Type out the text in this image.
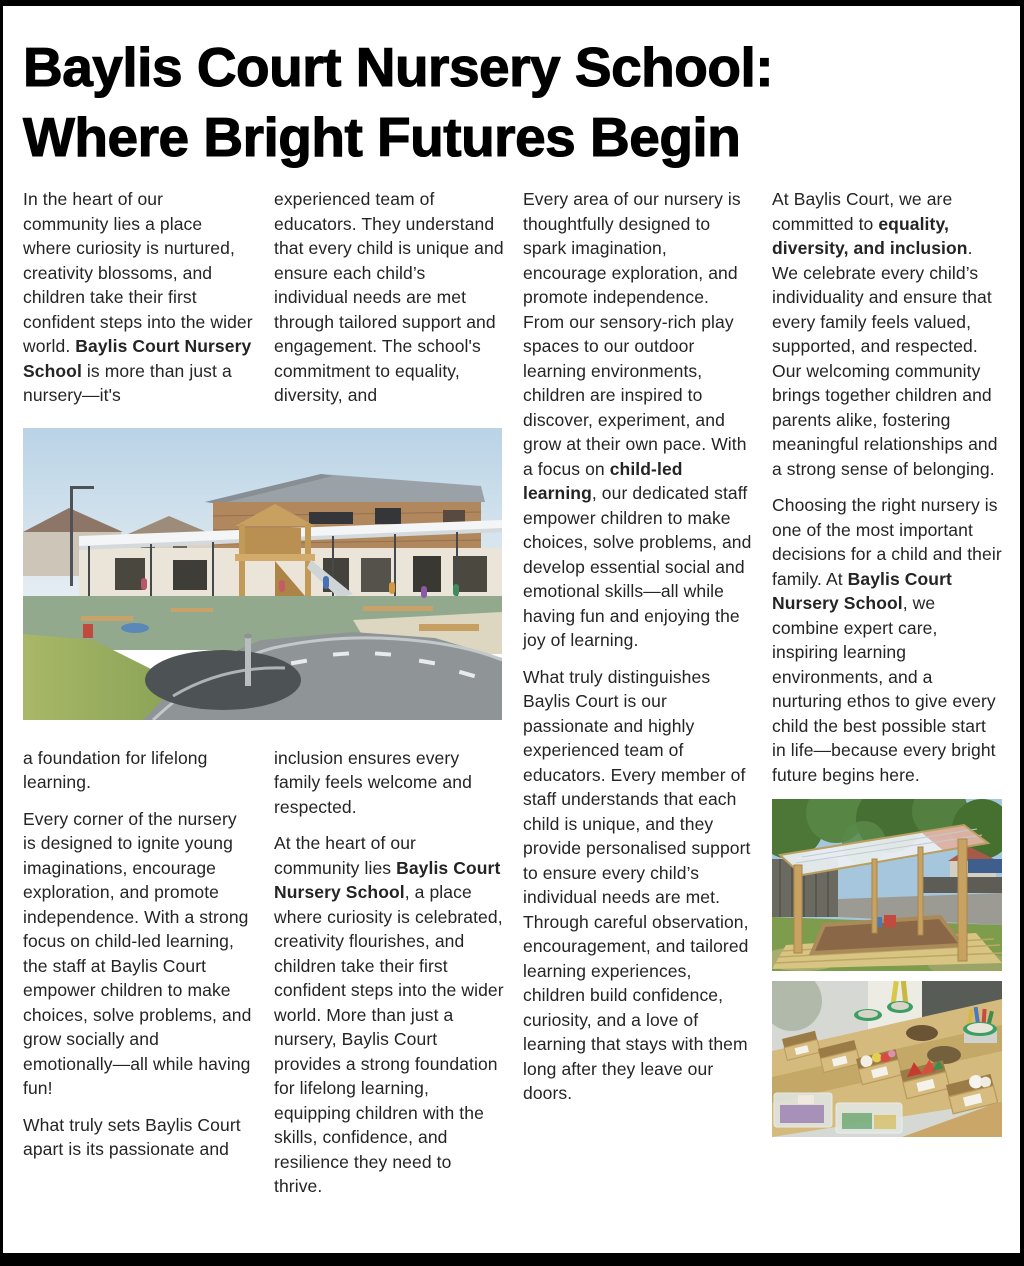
Baylis Court Nursery School:
Where Bright Futures Begin

In the heart of our community lies a place where curiosity is nurtured, creativity blossoms, and children take their first confident steps into the wider world. Baylis Court Nursery School is more than just a nursery—it's

experienced team of educators. They understand that every child is unique and ensure each child’s individual needs are met through tailored support and engagement. The school's commitment to equality, diversity, and

a foundation for lifelong learning.

Every corner of the nursery is designed to ignite young imaginations, encourage exploration, and promote independence. With a strong focus on child-led learning, the staff at Baylis Court empower children to make choices, solve problems, and grow socially and emotionally—all while having fun!

What truly sets Baylis Court apart is its passionate and

inclusion ensures every family feels welcome and respected.

At the heart of our community lies Baylis Court Nursery School, a place where curiosity is celebrated, creativity flourishes, and children take their first confident steps into the wider world. More than just a nursery, Baylis Court provides a strong foundation for lifelong learning, equipping children with the skills, confidence, and resilience they need to thrive.

Every area of our nursery is thoughtfully designed to spark imagination, encourage exploration, and promote independence. From our sensory-rich play spaces to our outdoor learning environments, children are inspired to discover, experiment, and grow at their own pace. With a focus on child-led learning, our dedicated staff empower children to make choices, solve problems, and develop essential social and emotional skills—all while having fun and enjoying the joy of learning.

What truly distinguishes Baylis Court is our passionate and highly experienced team of educators. Every member of staff understands that each child is unique, and they provide personalised support to ensure every child’s individual needs are met. Through careful observation, encouragement, and tailored learning experiences, children build confidence, curiosity, and a love of learning that stays with them long after they leave our doors.

At Baylis Court, we are committed to equality, diversity, and inclusion. We celebrate every child’s individuality and ensure that every family feels valued, supported, and respected. Our welcoming community brings together children and parents alike, fostering meaningful relationships and a strong sense of belonging.

Choosing the right nursery is one of the most important decisions for a child and their family. At Baylis Court Nursery School, we combine expert care, inspiring learning environments, and a nurturing ethos to give every child the best possible start in life—because every bright future begins here.
